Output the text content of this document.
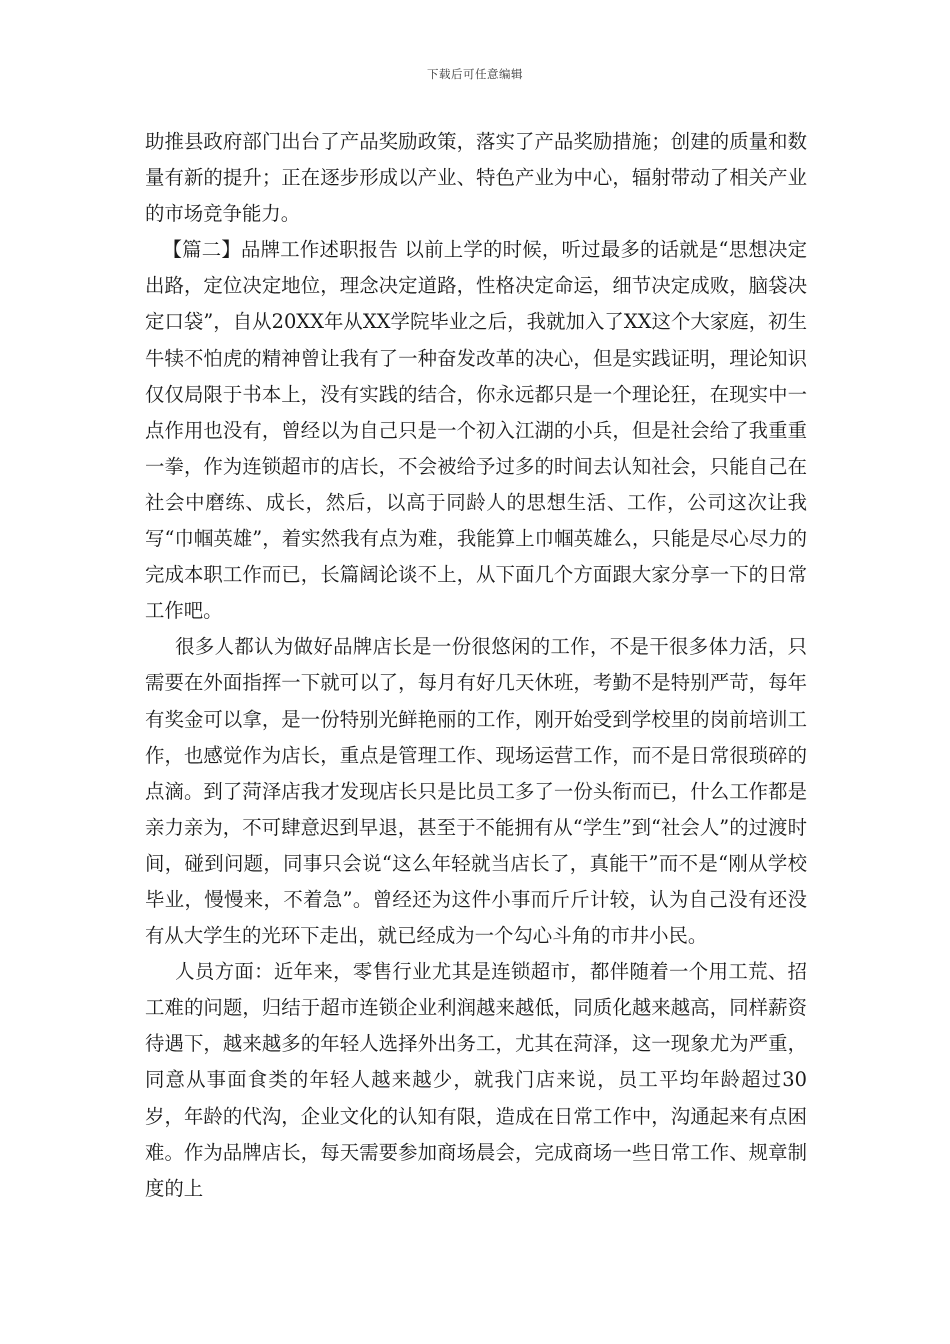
下载后可任意编辑

助推县政府部门出台了产品奖励政策，落实了产品奖励措施；创建的质量和数量有新的提升；正在逐步形成以产业、特色产业为中心，辐射带动了相关产业的市场竞争能力。

【篇二】品牌工作述职报告 以前上学的时候，听过最多的话就是“思想决定出路，定位决定地位，理念决定道路，性格决定命运，细节决定成败，脑袋决定口袋”，自从20XX年从XX学院毕业之后，我就加入了XX这个大家庭，初生牛犊不怕虎的精神曾让我有了一种奋发改革的决心，但是实践证明，理论知识仅仅局限于书本上，没有实践的结合，你永远都只是一个理论狂，在现实中一点作用也没有，曾经以为自己只是一个初入江湖的小兵，但是社会给了我重重一拳，作为连锁超市的店长，不会被给予过多的时间去认知社会，只能自己在社会中磨练、成长，然后，以高于同龄人的思想生活、工作，公司这次让我写“巾帼英雄”，着实然我有点为难，我能算上巾帼英雄么，只能是尽心尽力的完成本职工作而已，长篇阔论谈不上，从下面几个方面跟大家分享一下的日常工作吧。

很多人都认为做好品牌店长是一份很悠闲的工作，不是干很多体力活，只需要在外面指挥一下就可以了，每月有好几天休班，考勤不是特别严苛，每年有奖金可以拿，是一份特别光鲜艳丽的工作，刚开始受到学校里的岗前培训工作，也感觉作为店长，重点是管理工作、现场运营工作，而不是日常很琐碎的点滴。到了菏泽店我才发现店长只是比员工多了一份头衔而已，什么工作都是亲力亲为，不可肆意迟到早退，甚至于不能拥有从“学生”到“社会人”的过渡时间，碰到问题，同事只会说“这么年轻就当店长了，真能干”而不是“刚从学校毕业，慢慢来，不着急”。曾经还为这件小事而斤斤计较，认为自己没有还没有从大学生的光环下走出，就已经成为一个勾心斗角的市井小民。

人员方面：近年来，零售行业尤其是连锁超市，都伴随着一个用工荒、招工难的问题，归结于超市连锁企业利润越来越低，同质化越来越高，同样薪资待遇下，越来越多的年轻人选择外出务工，尤其在菏泽，这一现象尤为严重，同意从事面食类的年轻人越来越少，就我门店来说，员工平均年龄超过30岁，年龄的代沟，企业文化的认知有限，造成在日常工作中，沟通起来有点困难。作为品牌店长，每天需要参加商场晨会，完成商场一些日常工作、规章制度的上
